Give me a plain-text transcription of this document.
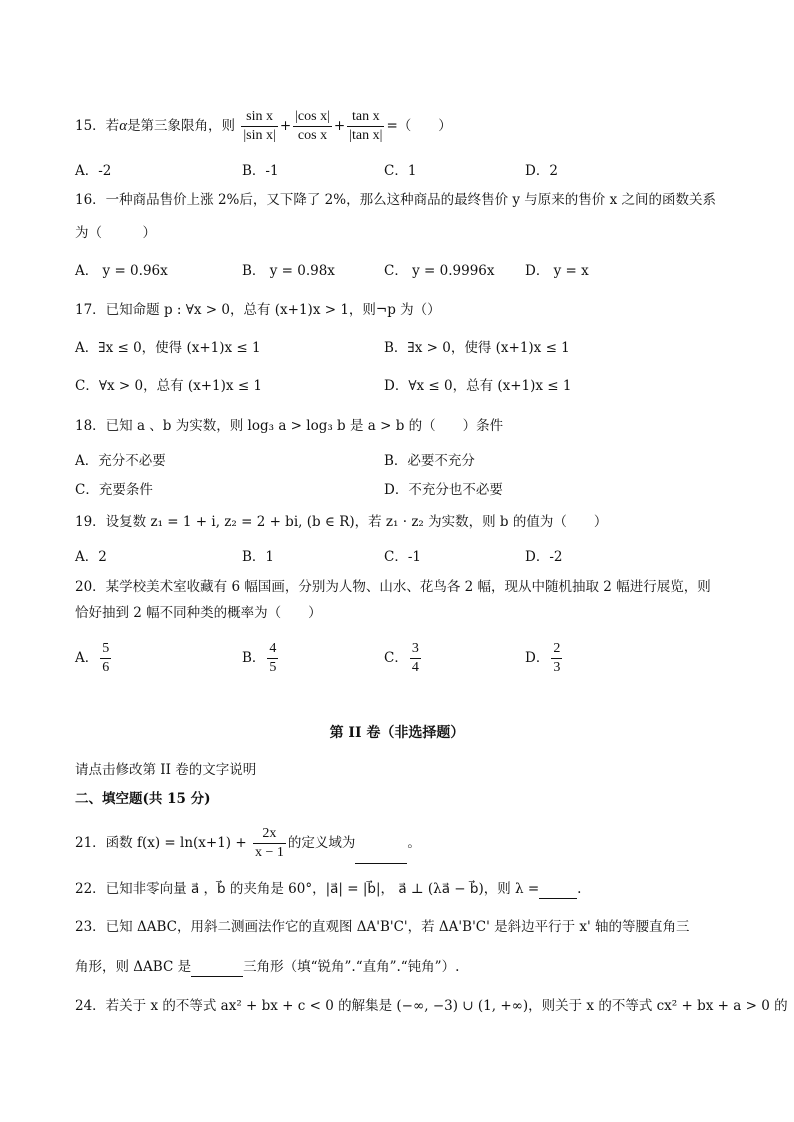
15．若α是第三象限角，则 $\frac{\text{sin x}}{\text{|sin x|}} + \frac{\text{|cos x|}}{\text{cos x}} + \frac{\text{tan x}}{\text{|tan x|}}$ =（　　）
A．-2	B．-1	C．1	D．2
16．一种商品售价上涨 2%后，又下降了 2%，那么这种商品的最终售价 y 与原来的售价 x 之间的函数关系
为（　　　）
A． y = 0.96x	B． y = 0.98x	C． y = 0.9996x D． y = x
17．已知命题 p : ∀x > 0，总有 (x+1)x > 1，则¬p 为（）
A．∃x ≤ 0，使得 (x+1)x ≤ 1	B．∃x > 0，使得 (x+1)x ≤ 1
C．∀x > 0，总有 (x+1)x ≤ 1	D．∀x ≤ 0，总有 (x+1)x ≤ 1
18．已知 a 、b 为实数，则 log₃ a > log₃ b 是 a > b 的（　　）条件
A．充分不必要	B．必要不充分
C．充要条件	D．不充分也不必要
19．设复数 z₁ = 1 + i, z₂ = 2 + bi, (b ∈ R)，若 z₁ · z₂ 为实数，则 b 的值为（　　）
A．2	B．1	C．-1	D．-2
20．某学校美术室收藏有 6 幅国画，分别为人物、山水、花鸟各 2 幅，现从中随机抽取 2 幅进行展览，则
恰好抽到 2 幅不同种类的概率为（　　）
A． $\frac{5}{6}$	B． $\frac{4}{5}$	C． $\frac{3}{4}$	D． $\frac{2}{3}$
第 II 卷（非选择题）
请点击修改第 II 卷的文字说明
二、填空题(共 15 分)
21．函数 $f(x) = \ln(x+1) + \frac{2x}{x - 1}$ 的定义域为	。
22．已知非零向量 a⃗ ，b⃗ 的夹角是 60°，|a⃗| = |b⃗|， a⃗ ⊥ (λa⃗ − b⃗)，则 λ =	.
23．已知 ΔABC，用斜二测画法作它的直观图 ΔA'B'C'，若 ΔA'B'C' 是斜边平行于 x' 轴的等腰直角三
角形，则 ΔABC 是	三角形（填“锐角”.“直角”.“钝角”）.
24．若关于 x 的不等式 ax² + bx + c < 0 的解集是 (−∞, −3) ∪ (1, +∞)，则关于 x 的不等式 cx² + bx + a > 0 的
